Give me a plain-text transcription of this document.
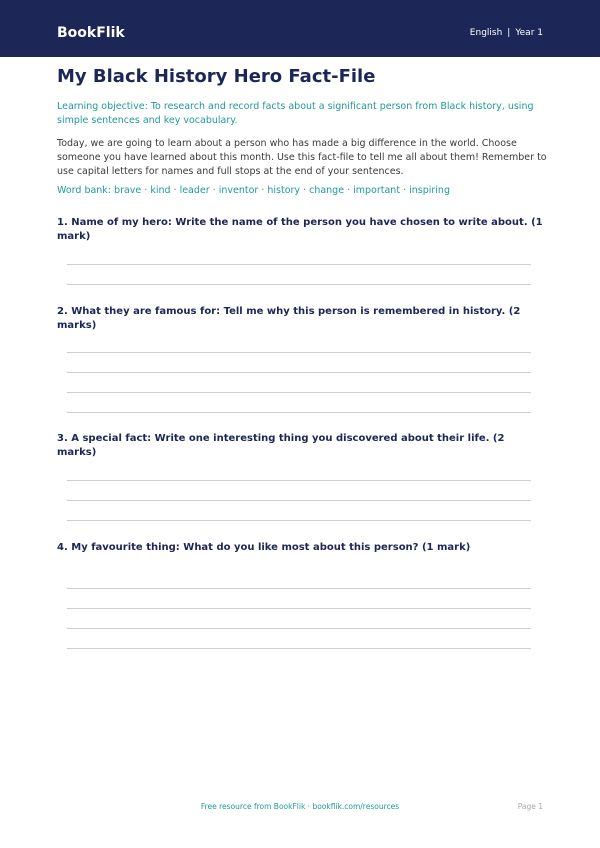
BookFlik	English | Year 1
My Black History Hero Fact-File
Learning objective: To research and record facts about a significant person from Black history, using simple sentences and key vocabulary.
Today, we are going to learn about a person who has made a big difference in the world. Choose someone you have learned about this month. Use this fact-file to tell me all about them! Remember to use capital letters for names and full stops at the end of your sentences.
Word bank: brave · kind · leader · inventor · history · change · important · inspiring
1. Name of my hero: Write the name of the person you have chosen to write about. (1 mark)
2. What they are famous for: Tell me why this person is remembered in history. (2 marks)
3. A special fact: Write one interesting thing you discovered about their life. (2 marks)
4. My favourite thing: What do you like most about this person? (1 mark)
Free resource from BookFlik · bookflik.com/resources	Page 1
